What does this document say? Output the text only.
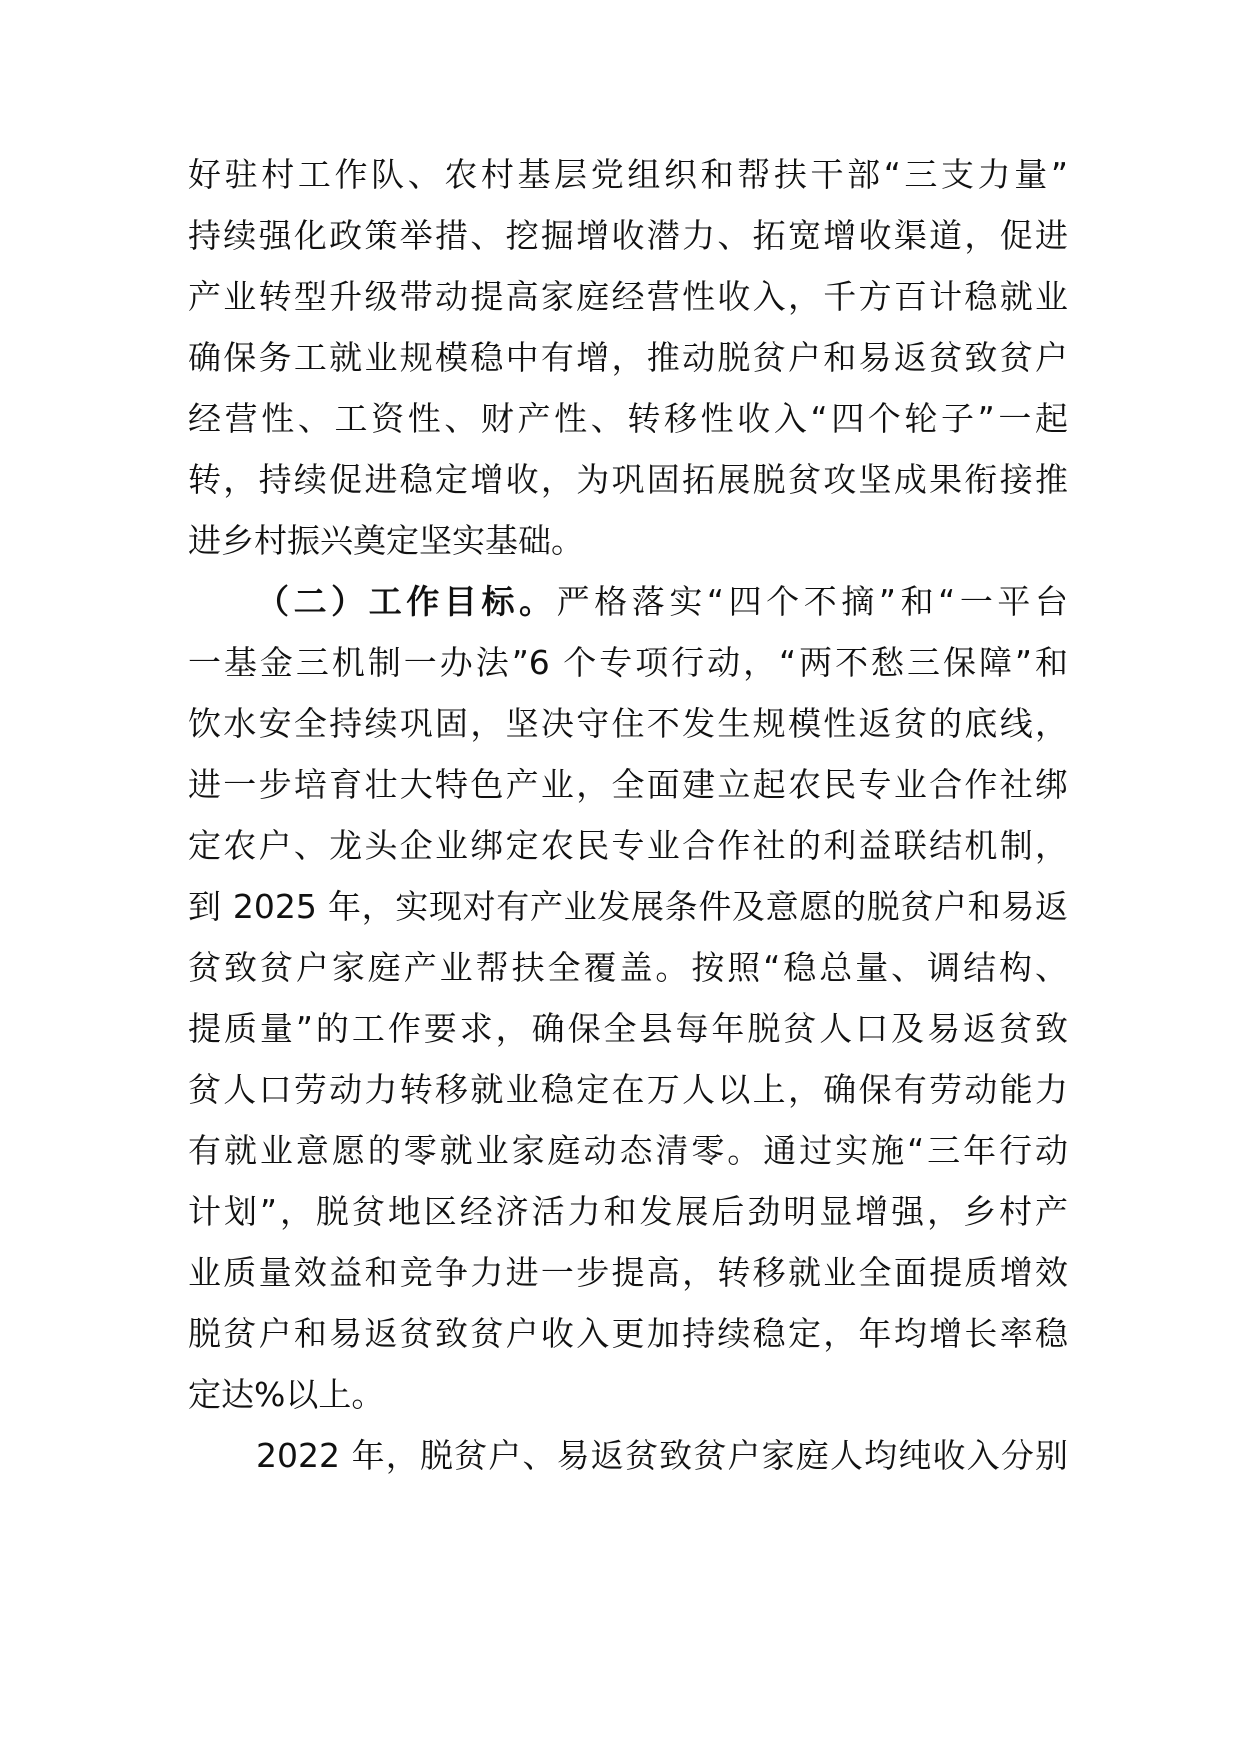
好驻村工作队、农村基层党组织和帮扶干部“三支力量”
持续强化政策举措、挖掘增收潜力、拓宽增收渠道，促进
产业转型升级带动提高家庭经营性收入，千方百计稳就业
确保务工就业规模稳中有增，推动脱贫户和易返贫致贫户
经营性、工资性、财产性、转移性收入“四个轮子”一起
转，持续促进稳定增收，为巩固拓展脱贫攻坚成果衔接推
进乡村振兴奠定坚实基础。
（二）工作目标。严格落实“四个不摘”和“一平台
一基金三机制一办法”6 个专项行动，“两不愁三保障”和
饮水安全持续巩固，坚决守住不发生规模性返贫的底线，
进一步培育壮大特色产业，全面建立起农民专业合作社绑
定农户、龙头企业绑定农民专业合作社的利益联结机制，
到 2025 年，实现对有产业发展条件及意愿的脱贫户和易返
贫致贫户家庭产业帮扶全覆盖。按照“稳总量、调结构、
提质量”的工作要求，确保全县每年脱贫人口及易返贫致
贫人口劳动力转移就业稳定在万人以上，确保有劳动能力
有就业意愿的零就业家庭动态清零。通过实施“三年行动
计划”，脱贫地区经济活力和发展后劲明显增强，乡村产
业质量效益和竞争力进一步提高，转移就业全面提质增效
脱贫户和易返贫致贫户收入更加持续稳定，年均增长率稳
定达%以上。
2022 年，脱贫户、易返贫致贫户家庭人均纯收入分别
